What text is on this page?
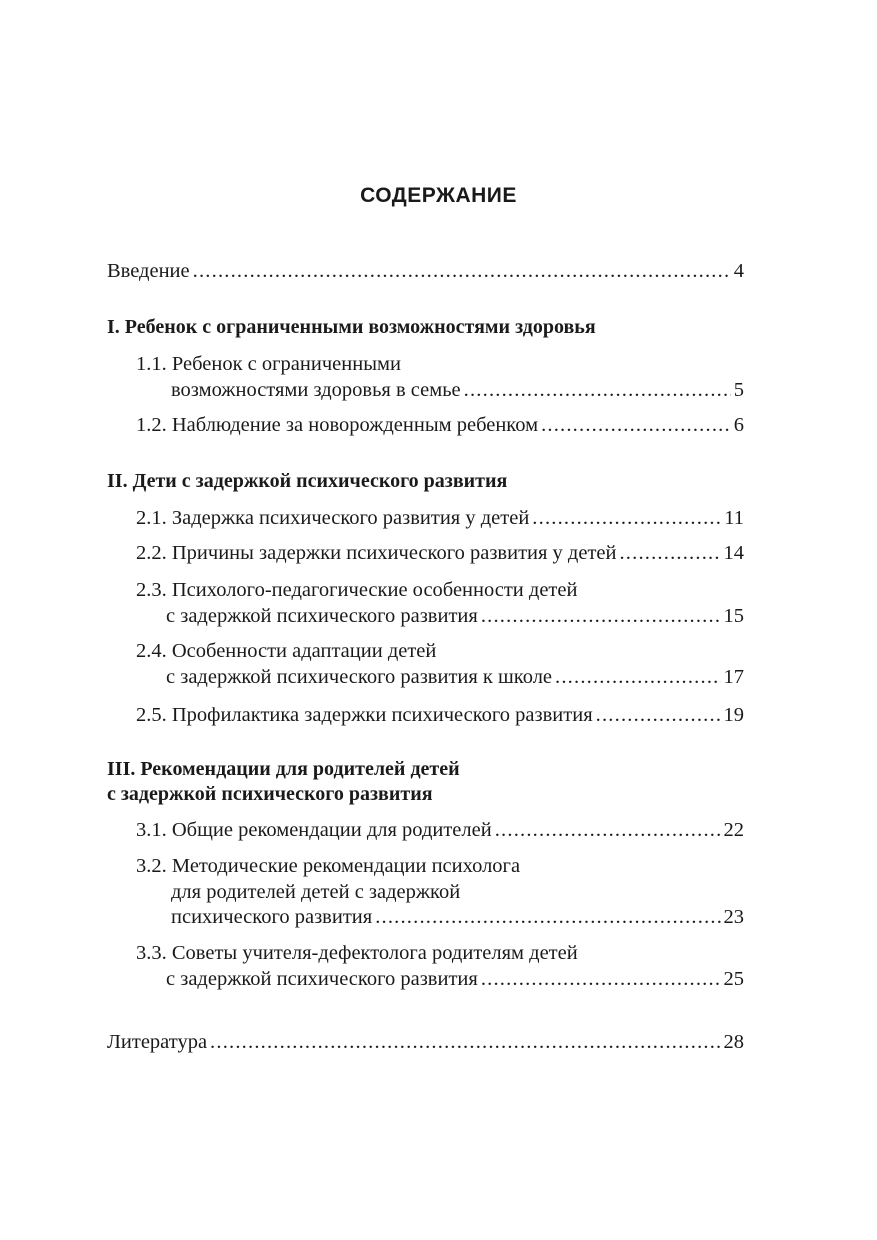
СОДЕРЖАНИЕ
Введение .....	4
I. Ребенок с ограниченными возможностями здоровья
1.1. Ребенок с ограниченными
возможностями здоровья в семье .....	5
1.2. Наблюдение за новорожденным ребенком .....	6
II. Дети с задержкой психического развития
2.1. Задержка психического развития у детей .....	11
2.2. Причины задержки психического развития у детей .....	14
2.3. Психолого-педагогические особенности детей
с задержкой психического развития .....	15
2.4. Особенности адаптации детей
с задержкой психического развития к школе .....	17
2.5. Профилактика задержки психического развития .....	19
III. Рекомендации для родителей детей
с задержкой психического развития
3.1. Общие рекомендации для родителей .....	22
3.2. Методические рекомендации психолога
для родителей детей с задержкой
психического развития .....	23
3.3. Советы учителя-дефектолога родителям детей
с задержкой психического развития .....	25
Литература .....	28
